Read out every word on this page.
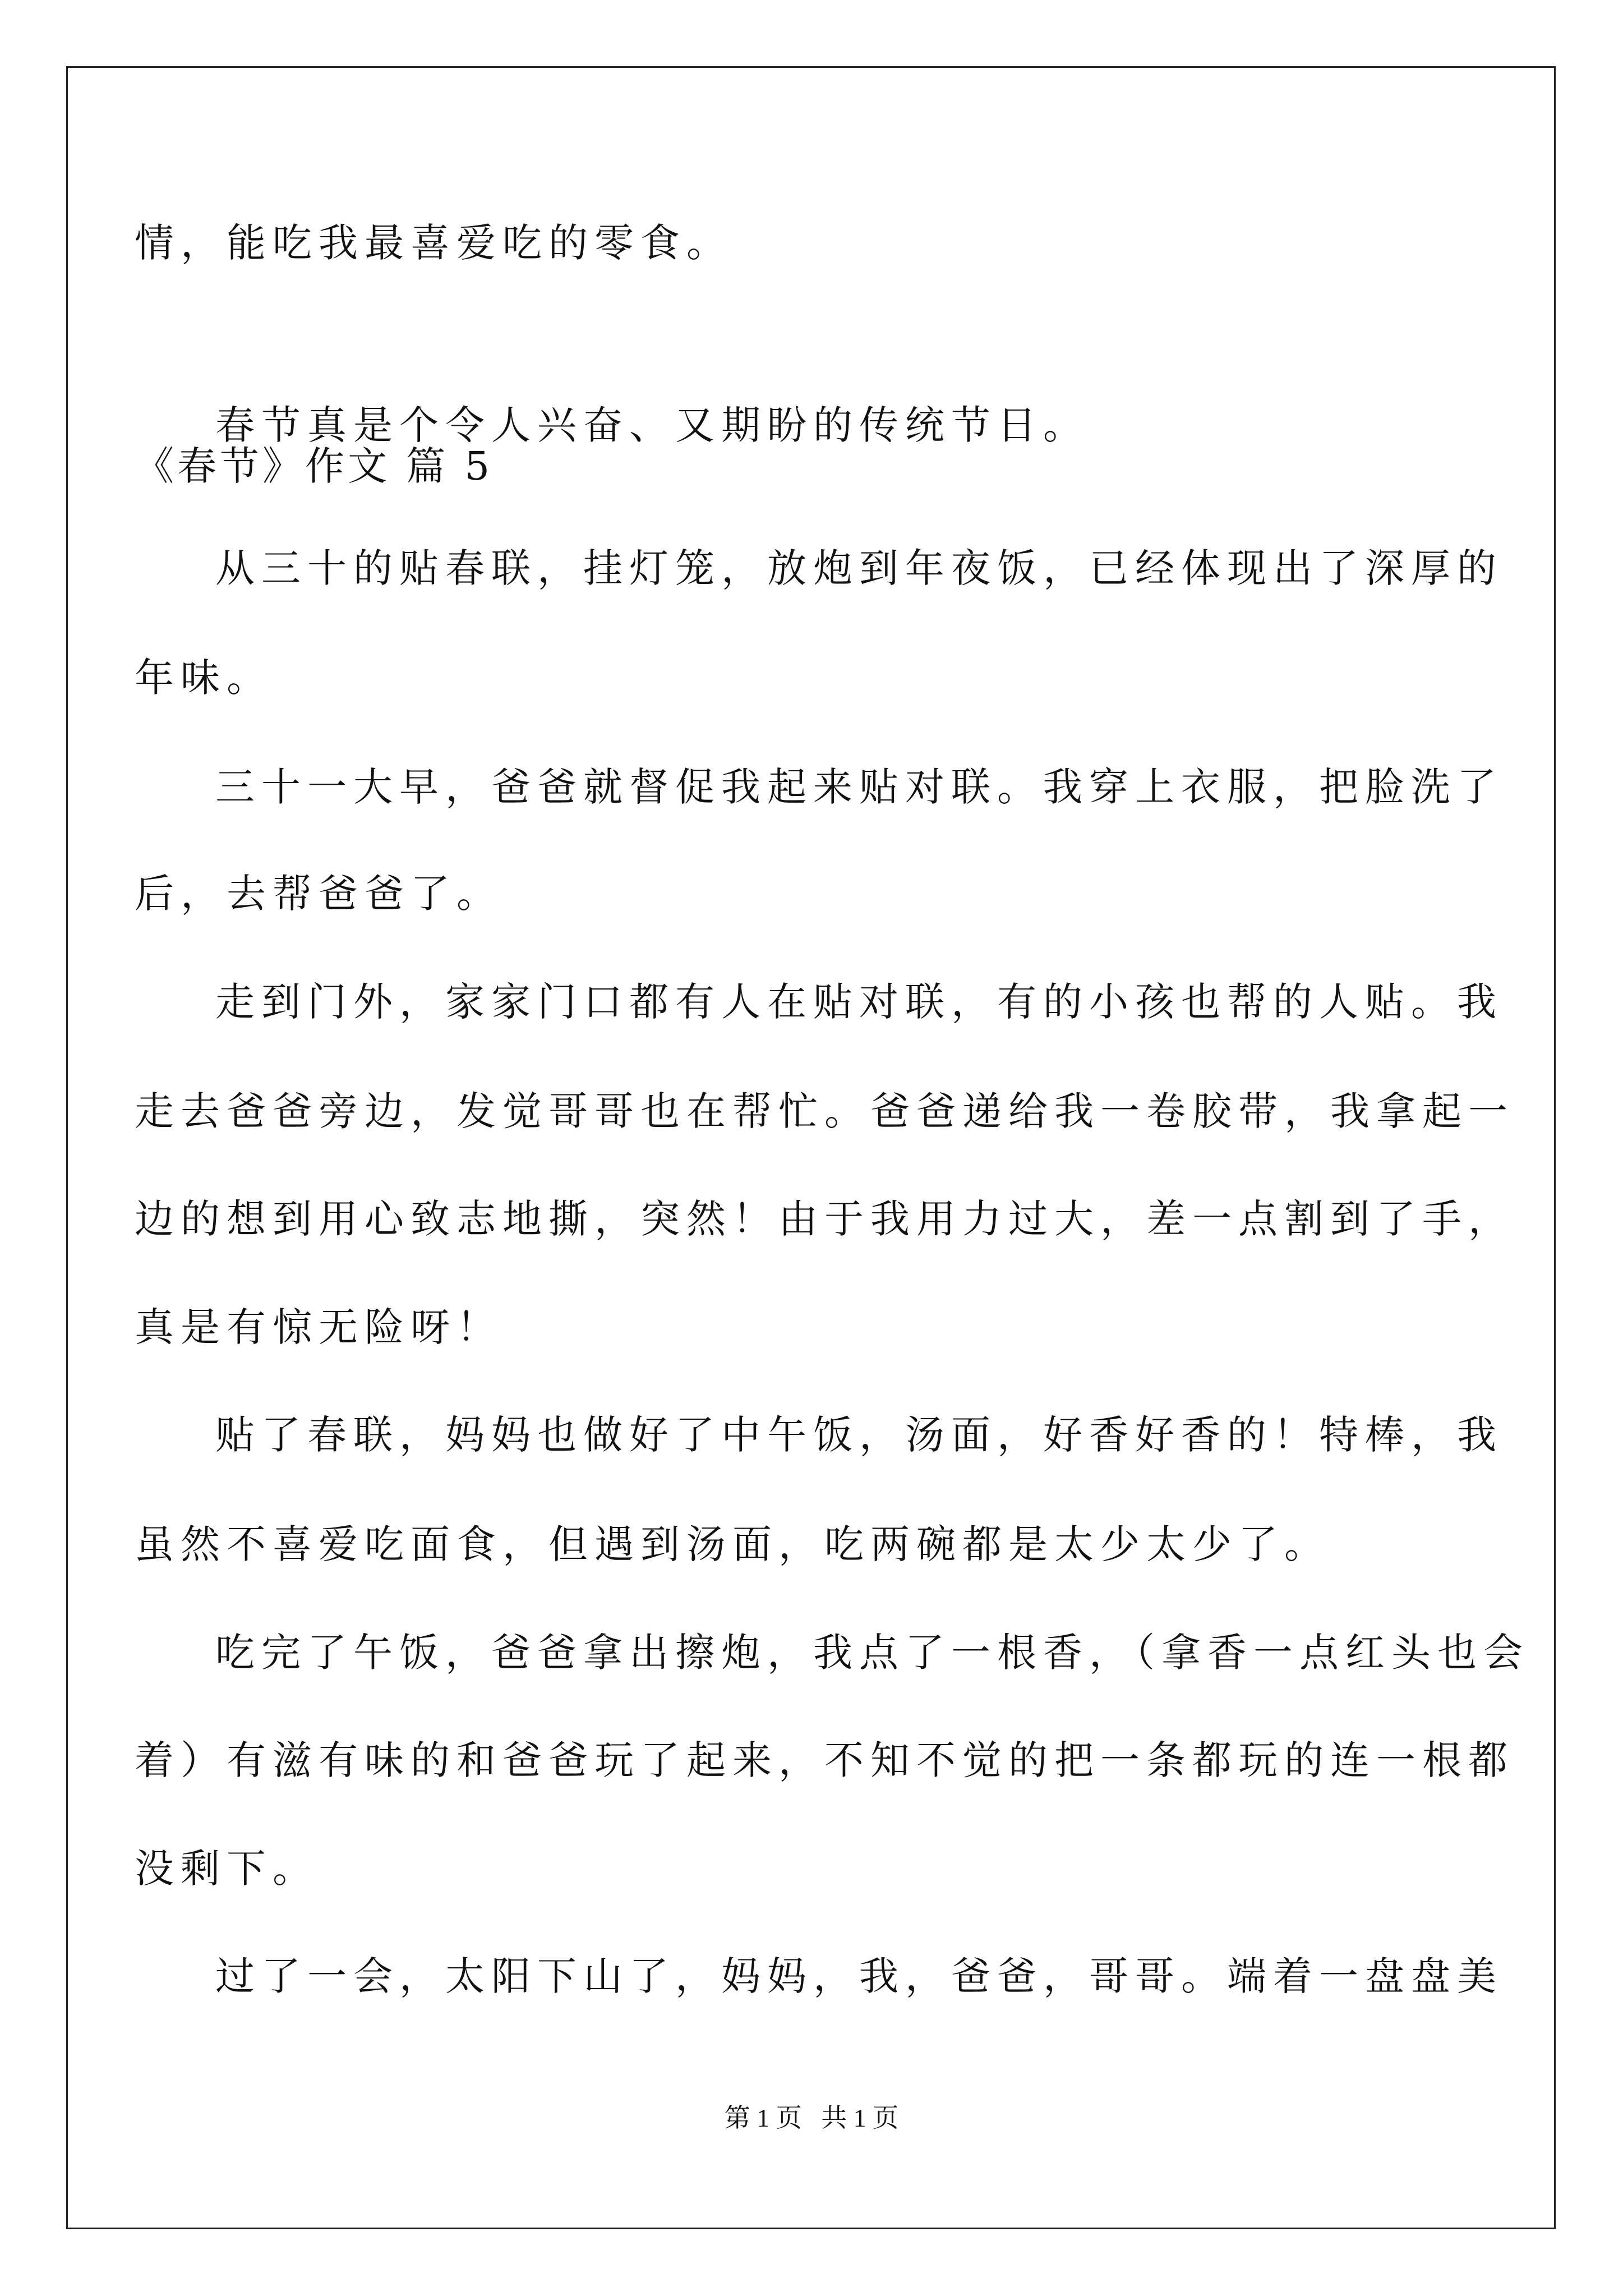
情，能吃我最喜爱吃的零食。
春节真是个令人兴奋、又期盼的传统节日。
《春节》作文 篇 5
从三十的贴春联，挂灯笼，放炮到年夜饭，已经体现出了深厚的
年味。
三十一大早，爸爸就督促我起来贴对联。我穿上衣服，把脸洗了
后，去帮爸爸了。
走到门外，家家门口都有人在贴对联，有的小孩也帮的人贴。我
走去爸爸旁边，发觉哥哥也在帮忙。爸爸递给我一卷胶带，我拿起一
边的想到用心致志地撕，突然！由于我用力过大，差一点割到了手，
真是有惊无险呀！
贴了春联，妈妈也做好了中午饭，汤面，好香好香的！特棒，我
虽然不喜爱吃面食，但遇到汤面，吃两碗都是太少太少了。
吃完了午饭，爸爸拿出擦炮，我点了一根香，（拿香一点红头也会
着）有滋有味的和爸爸玩了起来，不知不觉的把一条都玩的连一根都
没剩下。
过了一会，太阳下山了，妈妈，我，爸爸，哥哥。端着一盘盘美
第 1 页   共 1 页
